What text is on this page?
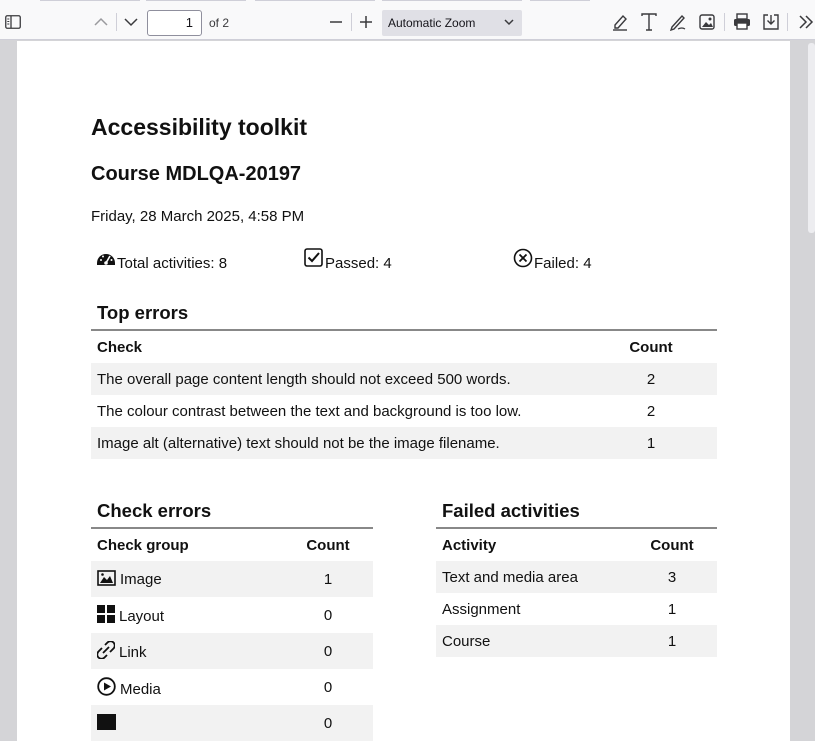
1	of 2	Automatic Zoom
Accessibility toolkit
Course MDLQA-20197
Friday, 28 March 2025, 4:58 PM
Total activities: 8	Passed: 4	Failed: 4
Top errors
Check	Count
The overall page content length should not exceed 500 words.	2
The colour contrast between the text and background is too low.	2
Image alt (alternative) text should not be the image filename.	1
Check errors
Check group	Count
Image	1
Layout	0
Link	0
Media	0
	0
Failed activities
Activity	Count
Text and media area	3
Assignment	1
Course	1
